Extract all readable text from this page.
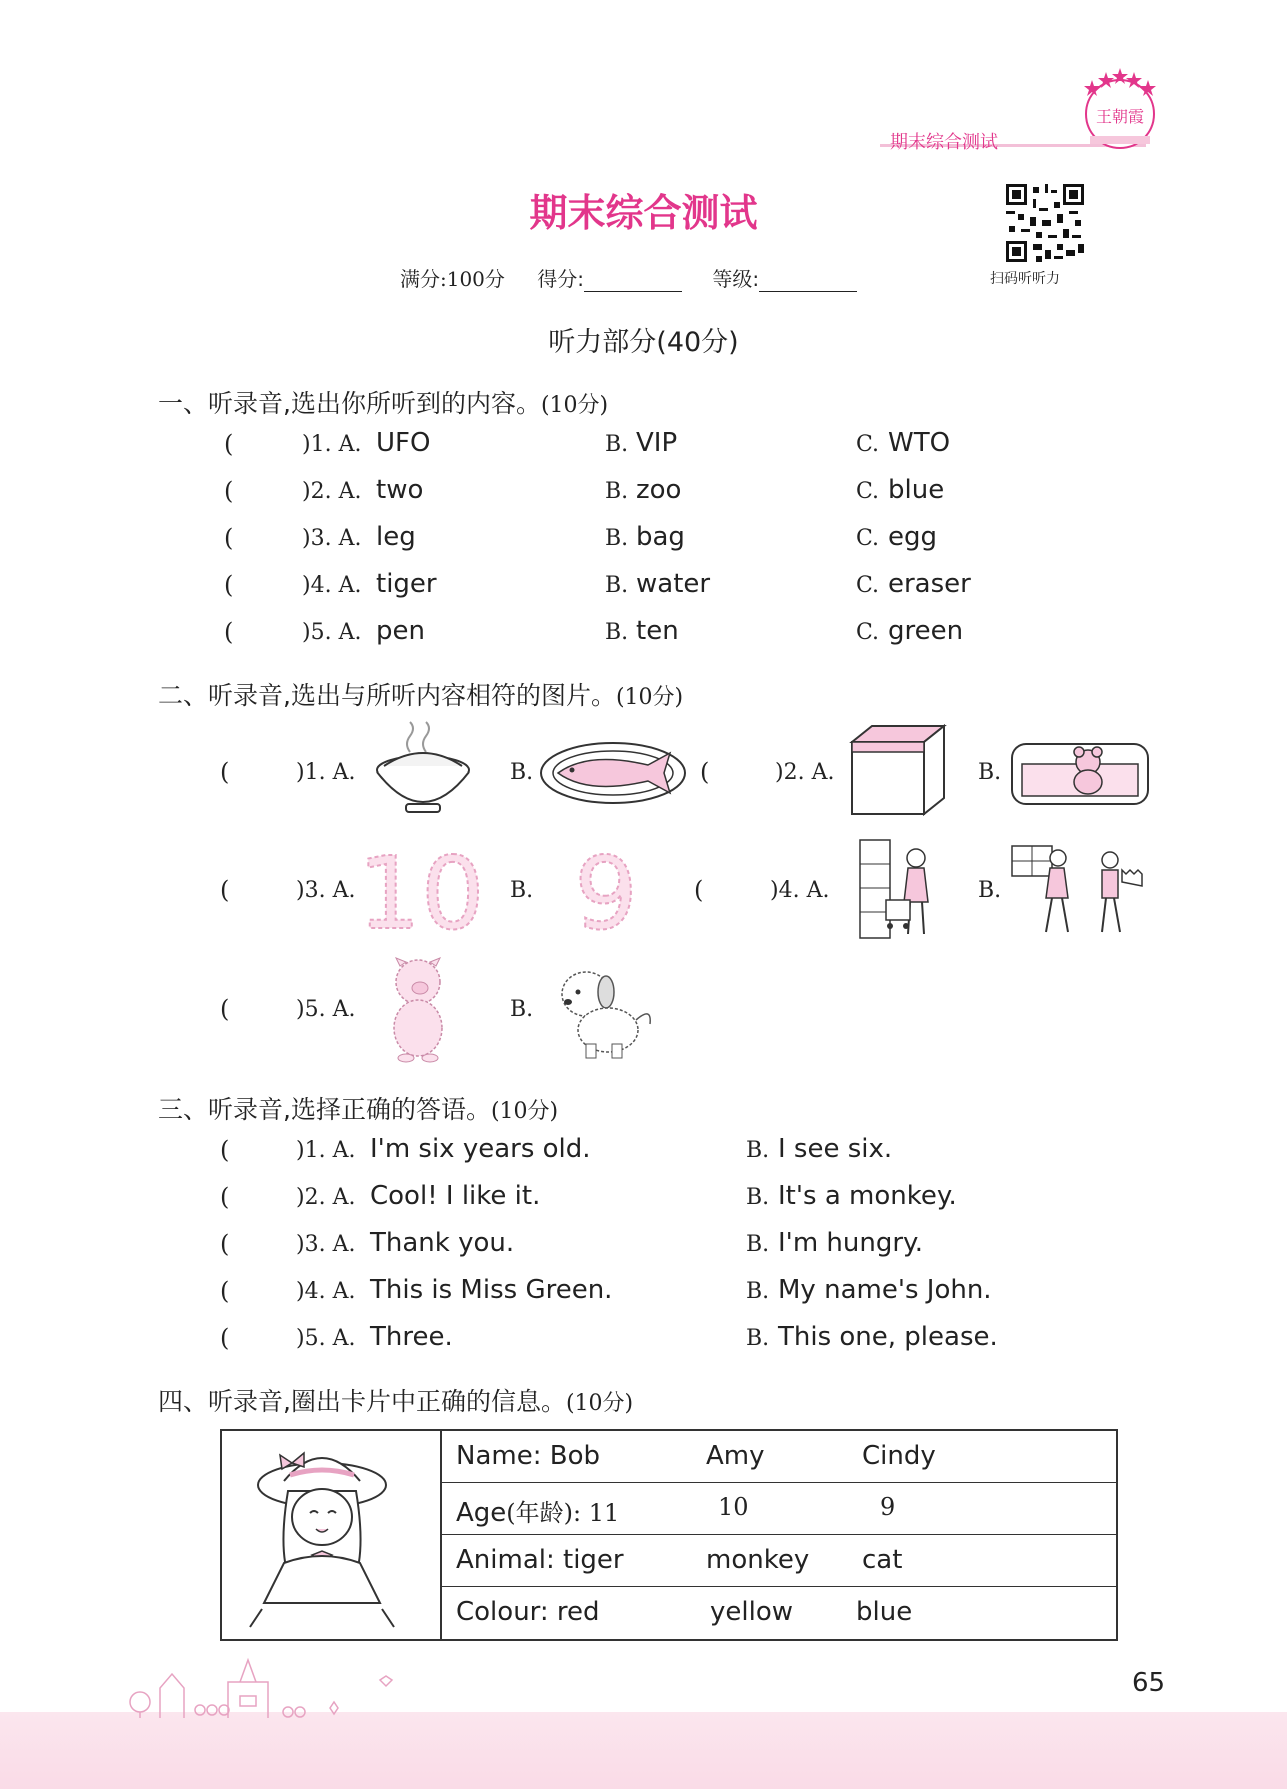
期末综合测试
王朝霞
期末综合测试
扫码听听力
满分:100分 得分:	等级:
听力部分(40分)
一、听录音,选出你所听到的内容。(10分)
(	)1. A. UFO	B. VIP	C. WTO
(	)2. A. two	B. zoo	C. blue
(	)3. A. leg	B. bag	C. egg
(	)4. A. tiger	B. water	C. eraser
(	)5. A. pen	B. ten	C. green
二、听录音,选出与所听内容相符的图片。(10分)
(	)1. A.	B.	(	)2. A.	B.
(	)3. A. 10 B. 9 (	)4. A.	B.
(	)5. A.	B.
三、听录音,选择正确的答语。(10分)
(	)1. A. I'm six years old.	B. I see six.
(	)2. A. Cool! I like it.	B. It's a monkey.
(	)3. A. Thank you.	B. I'm hungry.
(	)4. A. This is Miss Green.	B. My name's John.
(	)5. A. Three.	B. This one, please.
四、听录音,圈出卡片中正确的信息。(10分)
Name: Bob	Amy	Cindy
Age(年龄): 11	10	9
Animal: tiger	monkey cat
Colour: red	yellow blue
65
